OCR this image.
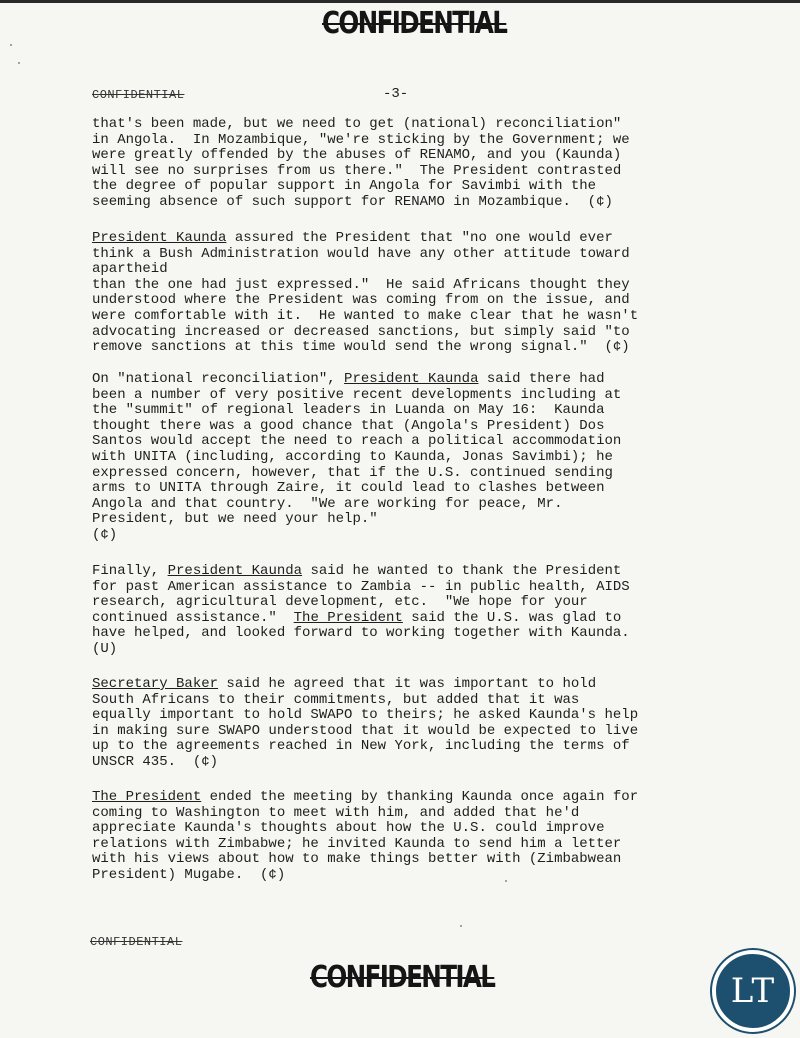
CONFIDENTIAL
CONFIDENTIAL	-3-

that's been made, but we need to get (national) reconciliation"
in Angola.  In Mozambique, "we're sticking by the Government; we
were greatly offended by the abuses of RENAMO, and you (Kaunda)
will see no surprises from us there."  The President contrasted
the degree of popular support in Angola for Savimbi with the
seeming absence of such support for RENAMO in Mozambique.  (¢)

President Kaunda assured the President that "no one would ever
think a Bush Administration would have any other attitude toward
apartheid
than the one had just expressed."  He said Africans thought they
understood where the President was coming from on the issue, and
were comfortable with it.  He wanted to make clear that he wasn't
advocating increased or decreased sanctions, but simply said "to
remove sanctions at this time would send the wrong signal."  (¢)

On "national reconciliation", President Kaunda said there had
been a number of very positive recent developments including at
the "summit" of regional leaders in Luanda on May 16:  Kaunda
thought there was a good chance that (Angola's President) Dos
Santos would accept the need to reach a political accommodation
with UNITA (including, according to Kaunda, Jonas Savimbi); he
expressed concern, however, that if the U.S. continued sending
arms to UNITA through Zaire, it could lead to clashes between
Angola and that country.  "We are working for peace, Mr.
President, but we need your help."
(¢)

Finally, President Kaunda said he wanted to thank the President
for past American assistance to Zambia -- in public health, AIDS
research, agricultural development, etc.  "We hope for your
continued assistance."  The President said the U.S. was glad to
have helped, and looked forward to working together with Kaunda.
(U)

Secretary Baker said he agreed that it was important to hold
South Africans to their commitments, but added that it was
equally important to hold SWAPO to theirs; he asked Kaunda's help
in making sure SWAPO understood that it would be expected to live
up to the agreements reached in New York, including the terms of
UNSCR 435.  (¢)

The President ended the meeting by thanking Kaunda once again for
coming to Washington to meet with him, and added that he'd
appreciate Kaunda's thoughts about how the U.S. could improve
relations with Zimbabwe; he invited Kaunda to send him a letter
with his views about how to make things better with (Zimbabwean
President) Mugabe.  (¢)

CONFIDENTIAL
CONFIDENTIAL	LT
